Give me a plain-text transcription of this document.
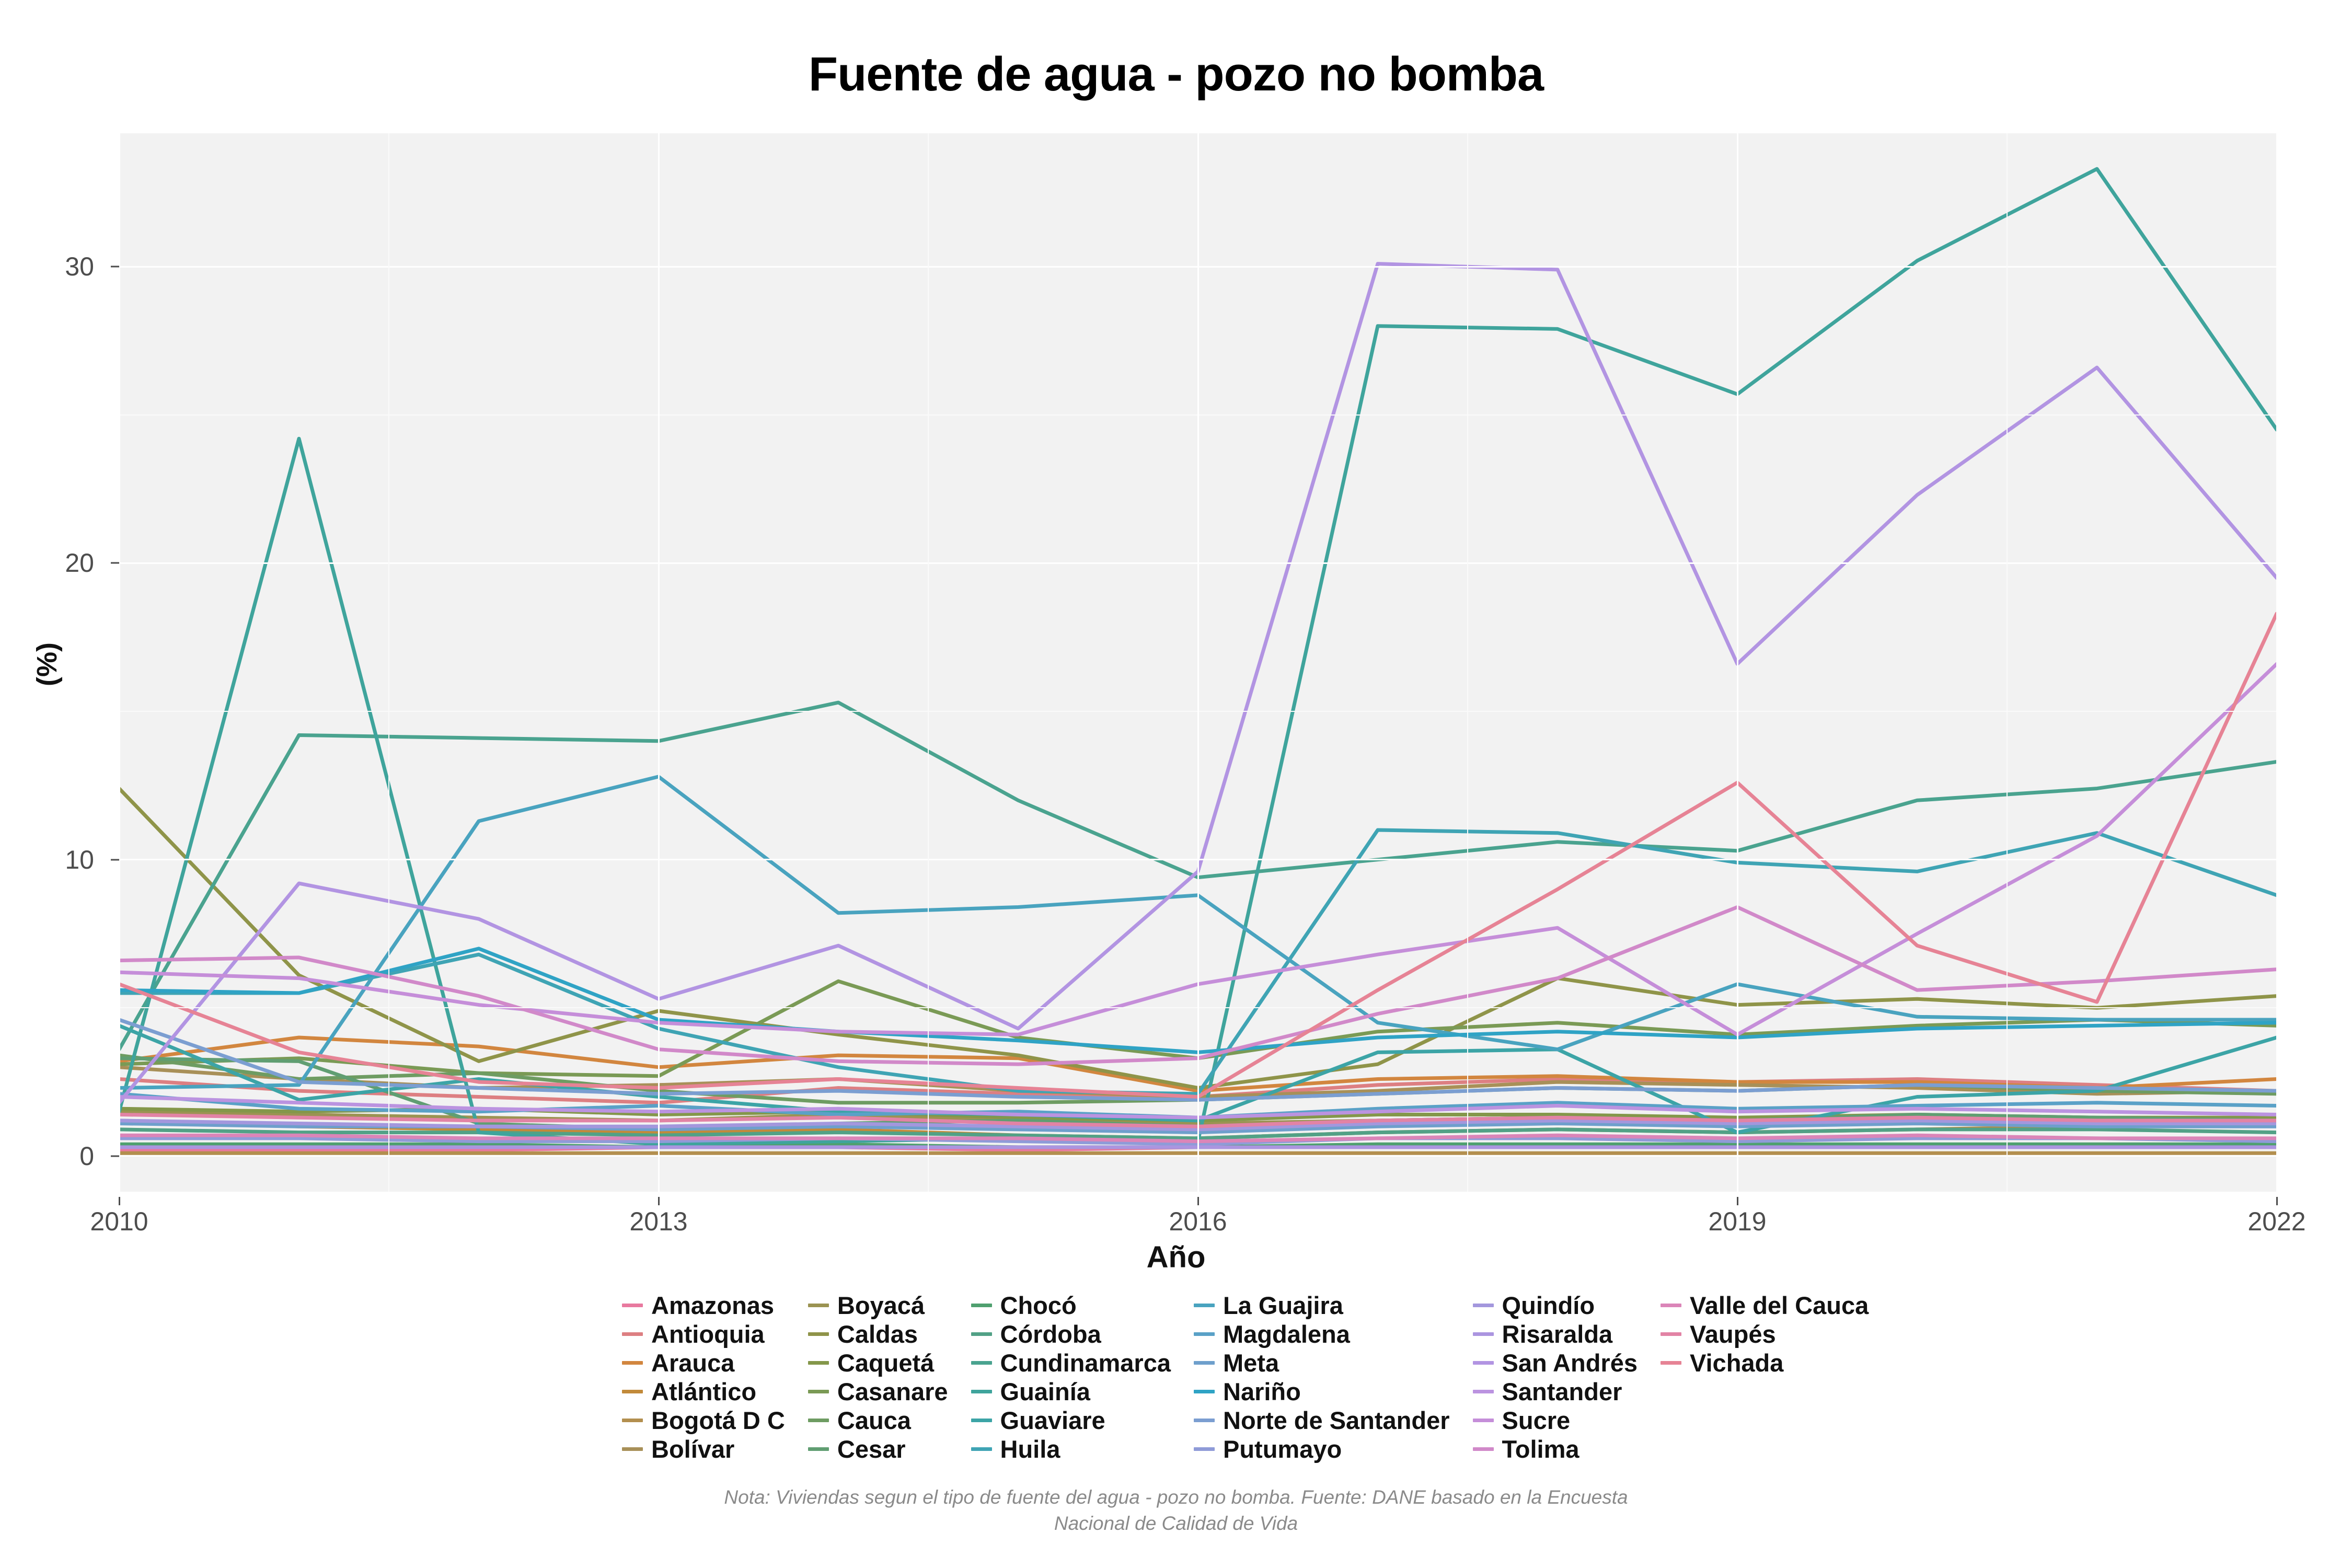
Fuente de agua - pozo no bomba
0
10
20
30
2010	2013	2016	2019	2022
(%)
Año
Amazonas
Antioquia
Arauca
Atlántico
Bogotá D C
Bolívar
Boyacá
Caldas
Caquetá
Casanare
Cauca
Cesar
Chocó
Córdoba
Cundinamarca
Guainía
Guaviare
Huila
La Guajira
Magdalena
Meta
Nariño
Norte de Santander
Putumayo
Quindío
Risaralda
San Andrés
Santander
Sucre
Tolima
Valle del Cauca
Vaupés
Vichada
Nota: Viviendas segun el tipo de fuente del agua - pozo no bomba. Fuente: DANE basado en la Encuesta
Nacional de Calidad de Vida
